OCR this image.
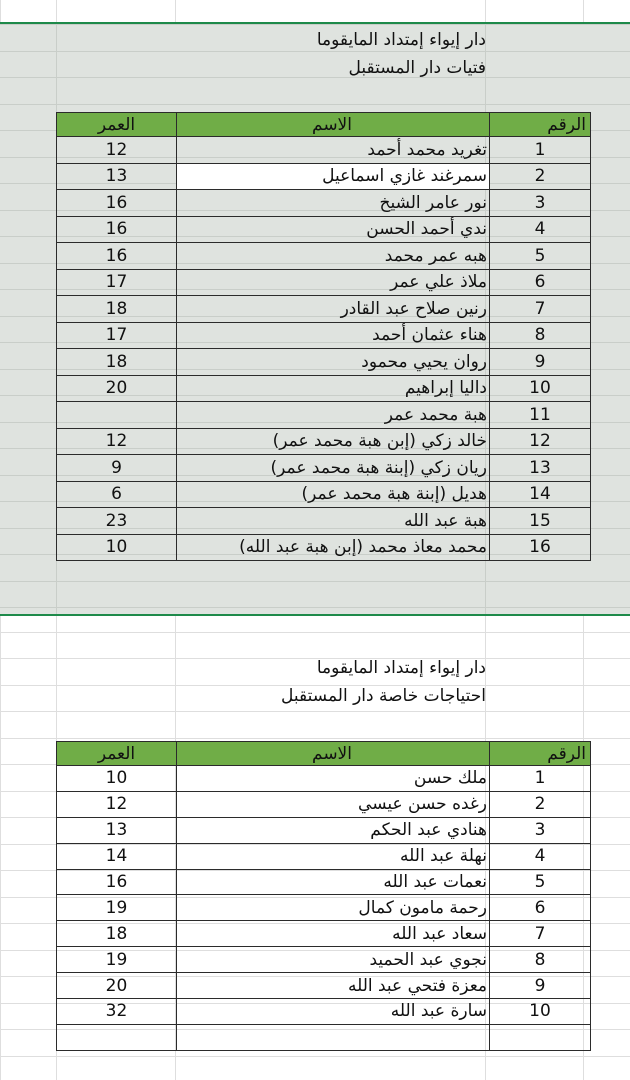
دار إيواء إمتداد المايقوما
فتيات دار المستقبل
العمر	الاسم	الرقم
12	تغريد محمد أحمد	1
13	سمرغند غازي اسماعيل	2
16	نور عامر الشيخ	3
16	ندي أحمد الحسن	4
16	هبه عمر محمد	5
17	ملاذ علي عمر	6
18	رنين صلاح عبد القادر	7
17	هناء عثمان أحمد	8
18	روان يحيي محمود	9
20	داليا إبراهيم	10
	هبة محمد عمر	11
12	خالد زكي (إبن هبة محمد عمر)	12
9	ريان زكي (إبنة هبة محمد عمر)	13
6	هديل (إبنة هبة محمد عمر)	14
23	هبة عبد الله	15
10	محمد معاذ محمد (إبن هبة عبد الله)	16
دار إيواء إمتداد المايقوما
احتياجات خاصة دار المستقبل
العمر	الاسم	الرقم
10	ملك حسن	1
12	رغده حسن عيسي	2
13	هنادي عبد الحكم	3
14	نهلة عبد الله	4
16	نعمات عبد الله	5
19	رحمة مامون كمال	6
18	سعاد عبد الله	7
19	نجوي عبد الحميد	8
20	معزة فتحي عبد الله	9
32	سارة عبد الله	10
